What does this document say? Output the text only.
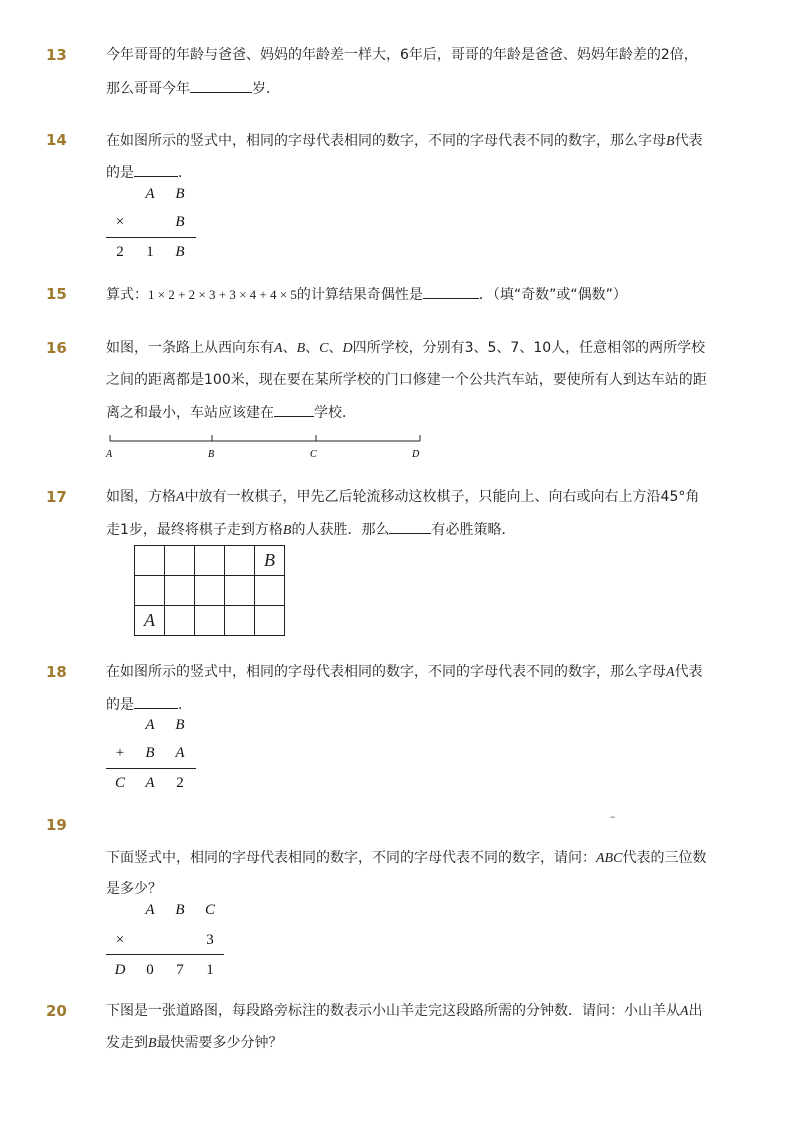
13	今年哥哥的年龄与爸爸、妈妈的年龄差一样大，6年后，哥哥的年龄是爸爸、妈妈年龄差的2倍，
那么哥哥今年	岁．
14	在如图所示的竖式中，相同的字母代表相同的数字，不同的字母代表不同的数字，那么字母B代表
的是	.
A B
×	B
2 1 B
15	算式：1 × 2 + 2 × 3 + 3 × 4 + 4 × 5的计算结果奇偶性是	．（填“奇数”或“偶数”）
16	如图，一条路上从西向东有A、B、C、D四所学校，分别有3、5、7、10人，任意相邻的两所学校
之间的距离都是100米，现在要在某所学校的门口修建一个公共汽车站，要使所有人到达车站的距
离之和最小，车站应该建在	学校．
A	B	C	D
17	如图，方格A中放有一枚棋子，甲先乙后轮流移动这枚棋子，只能向上、向右或向右上方沿45°角
走1步，最终将棋子走到方格B的人获胜．那么	有必胜策略．
				B

A				
18	在如图所示的竖式中，相同的字母代表相同的数字，不同的字母代表不同的数字，那么字母A代表
的是	.
A B
+ B A
C A 2
19	–
下面竖式中，相同的字母代表相同的数字，不同的字母代表不同的数字，请问：ABC代表的三位数
是多少？
A B C
×	3
D 0 7 1
20	下图是一张道路图，每段路旁标注的数表示小山羊走完这段路所需的分钟数．请问：小山羊从A出
发走到B最快需要多少分钟？
